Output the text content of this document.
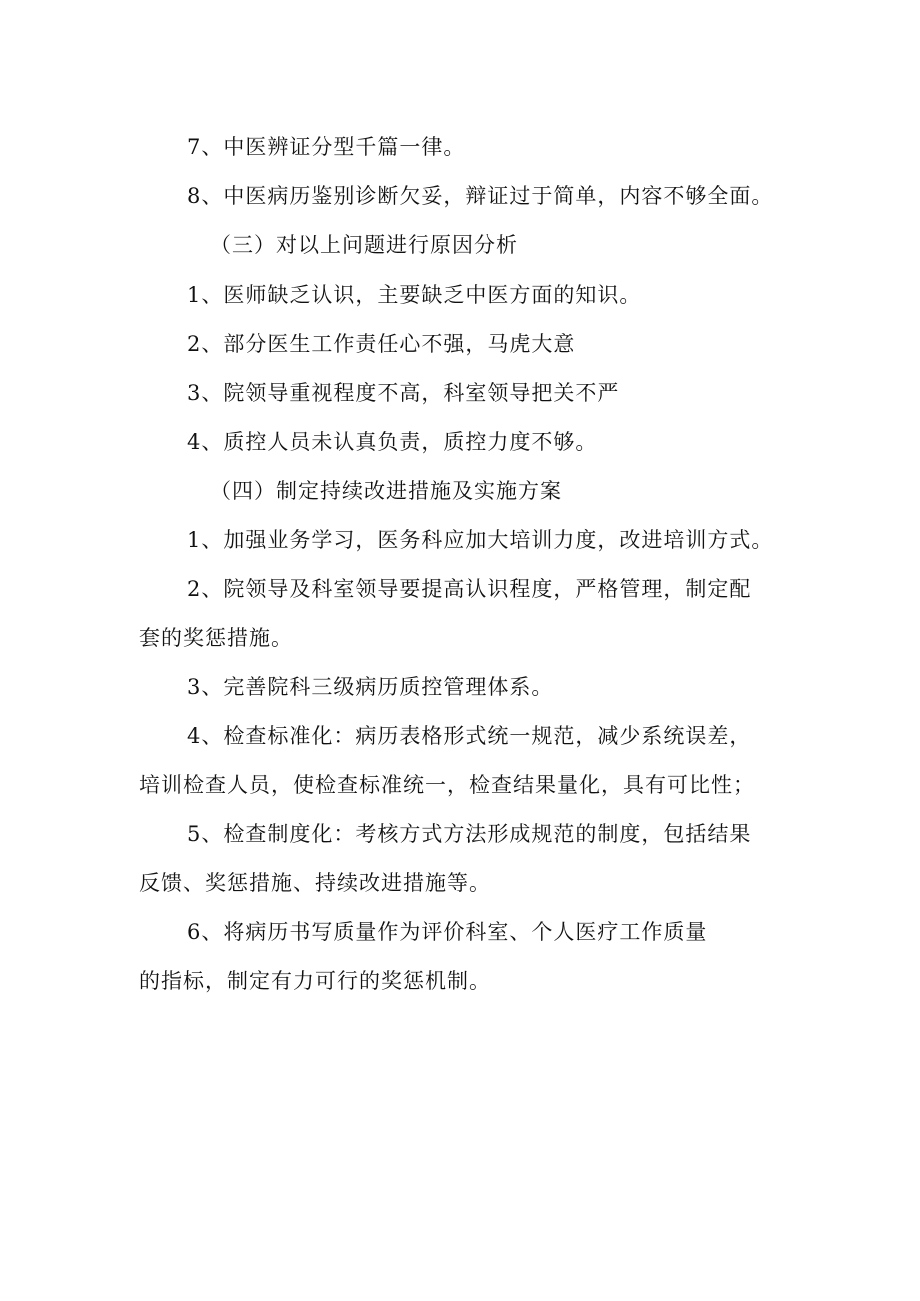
7、中医辨证分型千篇一律。
8、中医病历鉴别诊断欠妥，辩证过于简单，内容不够全面。
（三）对以上问题进行原因分析
1、医师缺乏认识，主要缺乏中医方面的知识。
2、部分医生工作责任心不强，马虎大意
3、院领导重视程度不高，科室领导把关不严
4、质控人员未认真负责，质控力度不够。
（四）制定持续改进措施及实施方案
1、加强业务学习，医务科应加大培训力度，改进培训方式。
2、院领导及科室领导要提高认识程度，严格管理，制定配
套的奖惩措施。
3、完善院科三级病历质控管理体系。
4、检查标准化：病历表格形式统一规范，减少系统误差，
培训检查人员，使检查标准统一，检查结果量化，具有可比性；
5、检查制度化：考核方式方法形成规范的制度，包括结果
反馈、奖惩措施、持续改进措施等。
6、将病历书写质量作为评价科室、个人医疗工作质量
的指标，制定有力可行的奖惩机制。
